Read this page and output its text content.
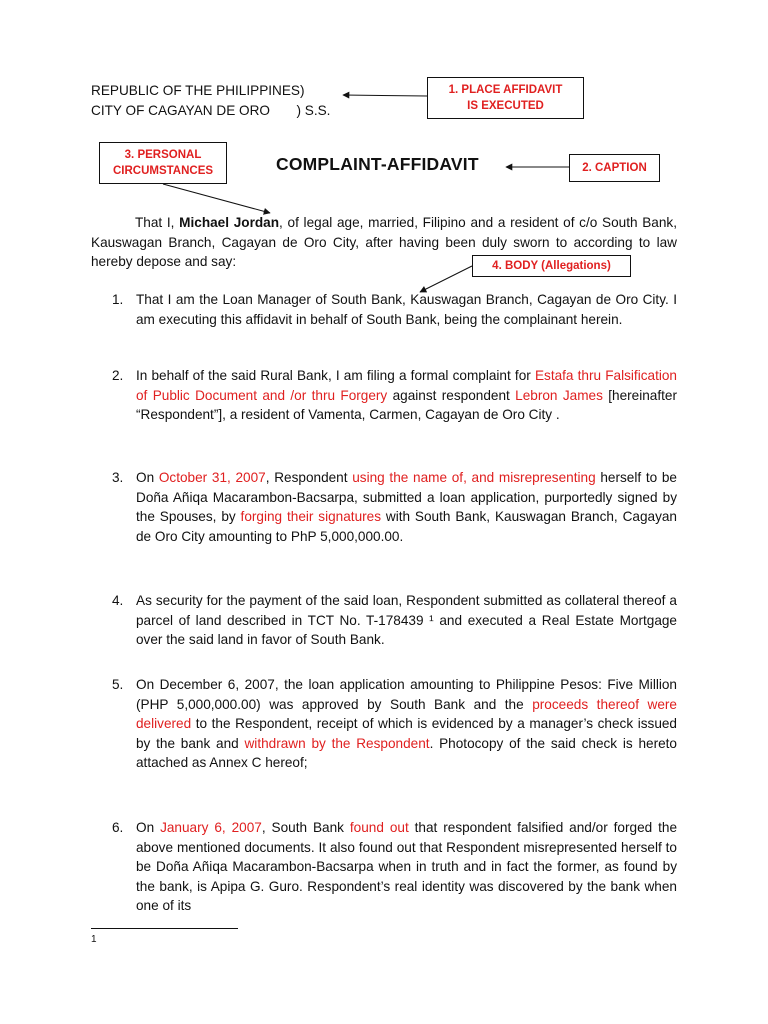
REPUBLIC OF THE PHILIPPINES)
CITY OF CAGAYAN DE ORO       ) S.S.
1. PLACE AFFIDAVIT
IS EXECUTED
3. PERSONAL
CIRCUMSTANCES	COMPLAINT-AFFIDAVIT	2. CAPTION
4. BODY (Allegations)
That I, Michael Jordan, of legal age, married, Filipino and a resident of c/o South Bank, Kauswagan Branch, Cagayan de Oro City, after having been duly sworn to according to law hereby depose and say:
1. That I am the Loan Manager of South Bank, Kauswagan Branch, Cagayan de Oro City. I am executing this affidavit in behalf of South Bank, being the complainant herein.
2. In behalf of the said Rural Bank, I am filing a formal complaint for Estafa thru Falsification of Public Document and /or thru Forgery against respondent Lebron James [hereinafter “Respondent”], a resident of Vamenta, Carmen, Cagayan de Oro City .
3. On October 31, 2007, Respondent using the name of, and misrepresenting herself to be Doña Añiqa Macarambon-Bacsarpa, submitted a loan application, purportedly signed by the Spouses, by forging their signatures with South Bank, Kauswagan Branch, Cagayan de Oro City amounting to PhP 5,000,000.00.
4. As security for the payment of the said loan, Respondent submitted as collateral thereof a parcel of land described in TCT No. T-178439 ¹ and executed a Real Estate Mortgage over the said land in favor of South Bank.
5. On December 6, 2007, the loan application amounting to Philippine Pesos: Five Million (PHP 5,000,000.00) was approved by South Bank and the proceeds thereof were delivered to the Respondent, receipt of which is evidenced by a manager’s check issued by the bank and withdrawn by the Respondent. Photocopy of the said check is hereto attached as Annex C hereof;
6. On January 6, 2007, South Bank found out that respondent falsified and/or forged the above mentioned documents. It also found out that Respondent misrepresented herself to be Doña Añiqa Macarambon-Bacsarpa when in truth and in fact the former, as found by the bank, is Apipa G. Guro. Respondent’s real identity was discovered by the bank when one of its
1
